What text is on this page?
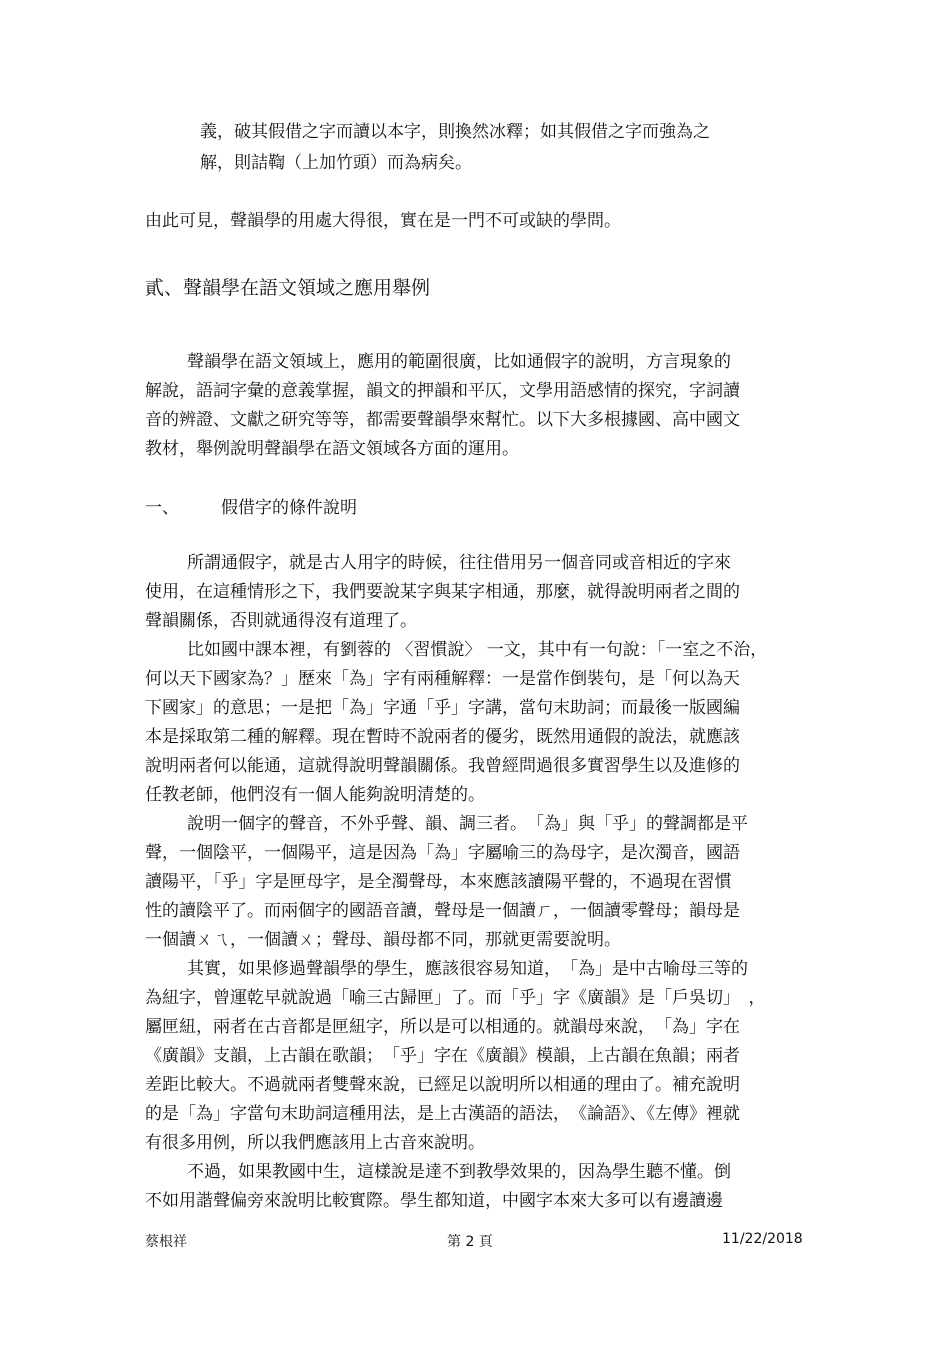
義，破其假借之字而讀以本字，則換然冰釋；如其假借之字而強為之
解，則詰鞫（上加竹頭）而為病矣。
由此可見，聲韻學的用處大得很，實在是一門不可或缺的學問。
貳、聲韻學在語文領域之應用舉例
聲韻學在語文領域上，應用的範圍很廣，比如通假字的說明，方言現象的
解說，語詞字彙的意義掌握，韻文的押韻和平仄，文學用語感情的探究，字詞讀
音的辨證、文獻之研究等等，都需要聲韻學來幫忙。以下大多根據國、高中國文
教材，舉例說明聲韻學在語文領域各方面的運用。
一、 假借字的條件說明
所謂通假字，就是古人用字的時候，往往借用另一個音同或音相近的字來
使用，在這種情形之下，我們要說某字與某字相通，那麼，就得說明兩者之間的
聲韻關係，否則就通得沒有道理了。
比如國中課本裡，有劉蓉的 〈習慣說〉 一文，其中有一句說：「一室之不治，
何以天下國家為？」歷來「為」字有兩種解釋：一是當作倒裝句，是「何以為天
下國家」的意思；一是把「為」字通「乎」字講，當句末助詞；而最後一版國編
本是採取第二種的解釋。現在暫時不說兩者的優劣，既然用通假的說法，就應該
說明兩者何以能通，這就得說明聲韻關係。我曾經問過很多實習學生以及進修的
任教老師，他們沒有一個人能夠說明清楚的。
說明一個字的聲音，不外乎聲、韻、調三者。　「為」與「乎」的聲調都是平
聲，一個陰平，一個陽平，這是因為「為」字屬喻三的為母字，是次濁音，國語
讀陽平，「乎」字是匣母字，是全濁聲母，本來應該讀陽平聲的，不過現在習慣
性的讀陰平了。而兩個字的國語音讀，聲母是一個讀ㄏ，一個讀零聲母；韻母是
一個讀ㄨㄟ，一個讀ㄨ；聲母、韻母都不同，那就更需要說明。
其實，如果修過聲韻學的學生，應該很容易知道，　「為」是中古喻母三等的
為紐字，曾運乾早就說過「喻三古歸匣」了。而「乎」字《廣韻》是「戶吳切」　，
屬匣紐，兩者在古音都是匣紐字，所以是可以相通的。就韻母來說，　「為」字在
《廣韻》支韻，上古韻在歌韻；　「乎」字在《廣韻》模韻，上古韻在魚韻；兩者
差距比較大。不過就兩者雙聲來說，已經足以說明所以相通的理由了。補充說明
的是「為」字當句末助詞這種用法，是上古漢語的語法，　《論語》、《左傳》裡就
有很多用例，所以我們應該用上古音來說明。
不過，如果教國中生，這樣說是達不到教學效果的，因為學生聽不懂。倒
不如用諧聲偏旁來說明比較實際。學生都知道，中國字本來大多可以有邊讀邊
蔡根祥	第 2 頁	11/22/2018
